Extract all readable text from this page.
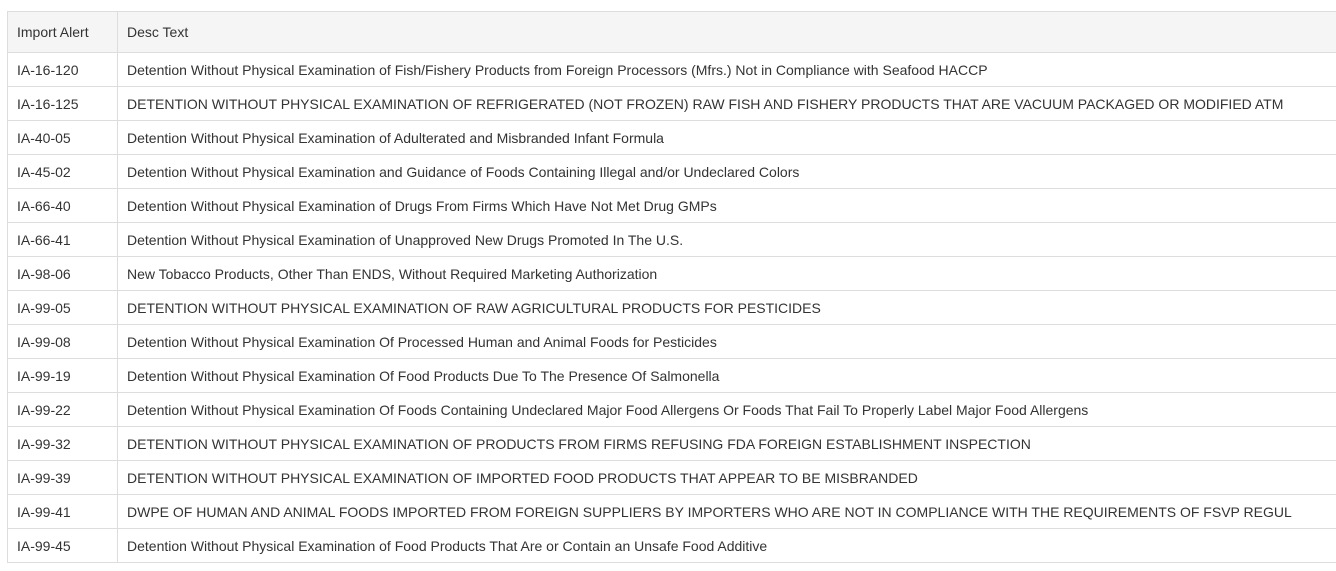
Import Alert	Desc Text
IA-16-120	Detention Without Physical Examination of Fish/Fishery Products from Foreign Processors (Mfrs.) Not in Compliance with Seafood HACCP
IA-16-125	DETENTION WITHOUT PHYSICAL EXAMINATION OF REFRIGERATED (NOT FROZEN) RAW FISH AND FISHERY PRODUCTS THAT ARE VACUUM PACKAGED OR MODIFIED ATM
IA-40-05	Detention Without Physical Examination of Adulterated and Misbranded Infant Formula
IA-45-02	Detention Without Physical Examination and Guidance of Foods Containing Illegal and/or Undeclared Colors
IA-66-40	Detention Without Physical Examination of Drugs From Firms Which Have Not Met Drug GMPs
IA-66-41	Detention Without Physical Examination of Unapproved New Drugs Promoted In The U.S.
IA-98-06	New Tobacco Products, Other Than ENDS, Without Required Marketing Authorization
IA-99-05	DETENTION WITHOUT PHYSICAL EXAMINATION OF RAW AGRICULTURAL PRODUCTS FOR PESTICIDES
IA-99-08	Detention Without Physical Examination Of Processed Human and Animal Foods for Pesticides
IA-99-19	Detention Without Physical Examination Of Food Products Due To The Presence Of Salmonella
IA-99-22	Detention Without Physical Examination Of Foods Containing Undeclared Major Food Allergens Or Foods That Fail To Properly Label Major Food Allergens
IA-99-32	DETENTION WITHOUT PHYSICAL EXAMINATION OF PRODUCTS FROM FIRMS REFUSING FDA FOREIGN ESTABLISHMENT INSPECTION
IA-99-39	DETENTION WITHOUT PHYSICAL EXAMINATION OF IMPORTED FOOD PRODUCTS THAT APPEAR TO BE MISBRANDED
IA-99-41	DWPE OF HUMAN AND ANIMAL FOODS IMPORTED FROM FOREIGN SUPPLIERS BY IMPORTERS WHO ARE NOT IN COMPLIANCE WITH THE REQUIREMENTS OF FSVP REGUL
IA-99-45	Detention Without Physical Examination of Food Products That Are or Contain an Unsafe Food Additive
